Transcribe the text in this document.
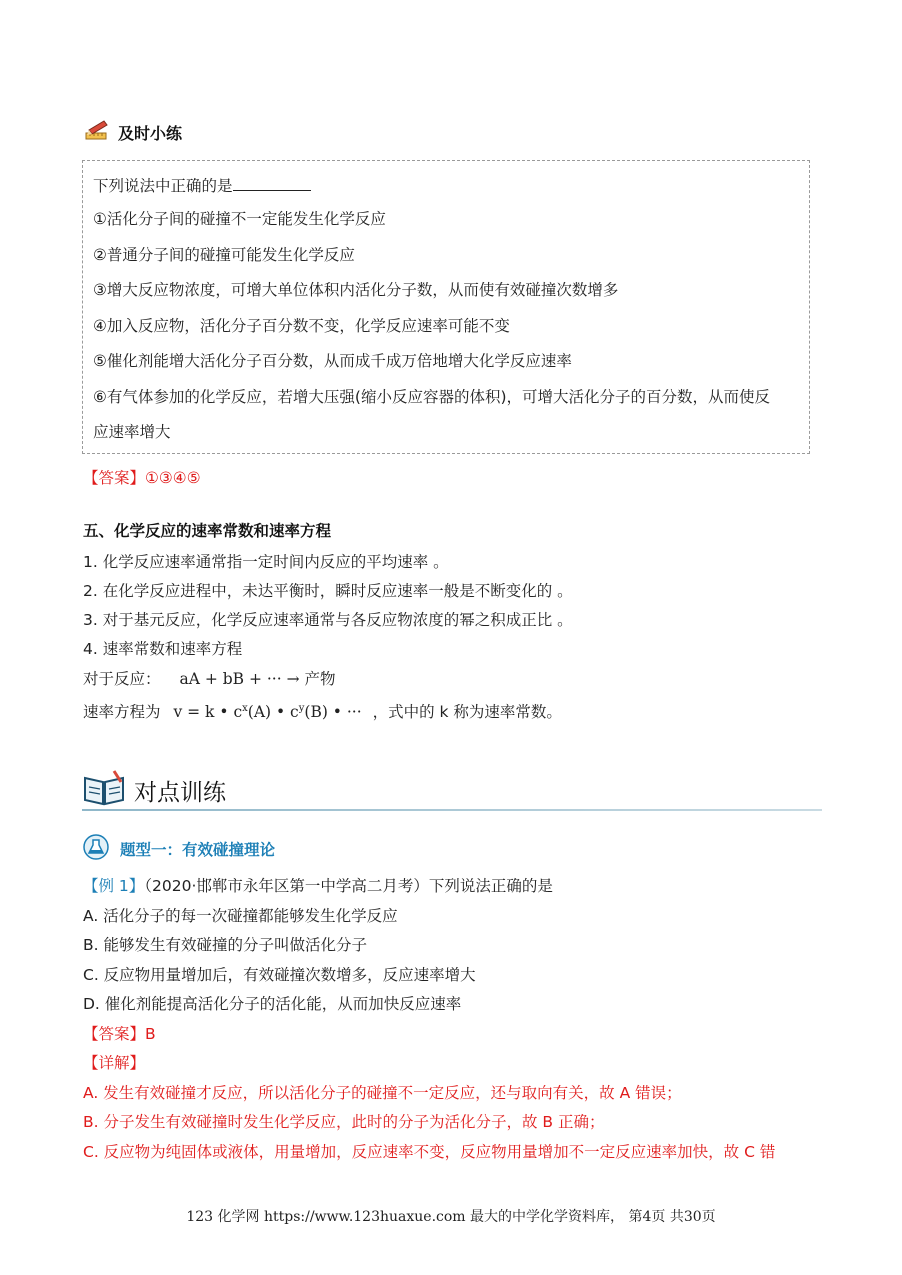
及时小练
下列说法中正确的是
①活化分子间的碰撞不一定能发生化学反应
②普通分子间的碰撞可能发生化学反应
③增大反应物浓度，可增大单位体积内活化分子数，从而使有效碰撞次数增多
④加入反应物，活化分子百分数不变，化学反应速率可能不变
⑤催化剂能增大活化分子百分数，从而成千成万倍地增大化学反应速率
⑥有气体参加的化学反应，若增大压强(缩小反应容器的体积)，可增大活化分子的百分数，从而使反
应速率增大
【答案】①③④⑤
五、化学反应的速率常数和速率方程
1. 化学反应速率通常指一定时间内反应的平均速率 。
2. 在化学反应进程中，未达平衡时，瞬时反应速率一般是不断变化的 。
3. 对于基元反应，化学反应速率通常与各反应物浓度的幂之积成正比 。
4. 速率常数和速率方程
对于反应： aA + bB + ··· → 产物
速率方程为 v = k • $c^x(A)$ • $c^y(B)$ • ··· ，式中的 k 称为速率常数。
对点训练
题型一：有效碰撞理论
【例 1】（2020·邯郸市永年区第一中学高二月考）下列说法正确的是
A. 活化分子的每一次碰撞都能够发生化学反应
B. 能够发生有效碰撞的分子叫做活化分子
C. 反应物用量增加后，有效碰撞次数增多，反应速率增大
D. 催化剂能提高活化分子的活化能，从而加快反应速率
【答案】B
【详解】
A. 发生有效碰撞才反应，所以活化分子的碰撞不一定反应，还与取向有关，故 A 错误；
B. 分子发生有效碰撞时发生化学反应，此时的分子为活化分子，故 B 正确；
C. 反应物为纯固体或液体，用量增加，反应速率不变，反应物用量增加不一定反应速率加快，故 C 错
123 化学网 https://www.123huaxue.com 最大的中学化学资料库， 第4页 共30页
